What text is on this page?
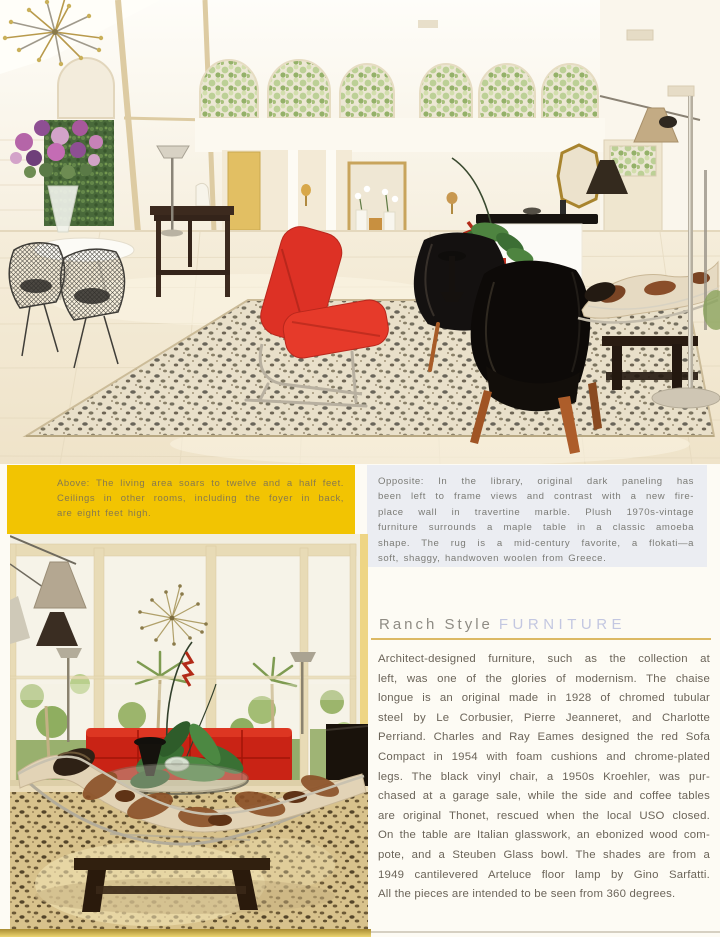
Above: The living area soars to twelve and a half feet.
Ceilings in other rooms, including the foyer in back,
are eight feet high.
Opposite: In the library, original dark paneling has
been left to frame views and contrast with a new fire-
place wall in travertine marble. Plush 1970s-vintage
furniture surrounds a maple table in a classic amoeba
shape. The rug is a mid-century favorite, a flokati—a
soft, shaggy, handwoven woolen from Greece.
Ranch Style FURNITURE
Architect-designed furniture, such as the collection at
left, was one of the glories of modernism. The chaise
longue is an original made in 1928 of chromed tubular
steel by Le Corbusier, Pierre Jeanneret, and Charlotte
Perriand. Charles and Ray Eames designed the red Sofa
Compact in 1954 with foam cushions and chrome-plated
legs. The black vinyl chair, a 1950s Kroehler, was pur-
chased at a garage sale, while the side and coffee tables
are original Thonet, rescued when the local USO closed.
On the table are Italian glasswork, an ebonized wood com-
pote, and a Steuben Glass bowl. The shades are from a
1949 cantilevered Arteluce floor lamp by Gino Sarfatti.
All the pieces are intended to be seen from 360 degrees.
